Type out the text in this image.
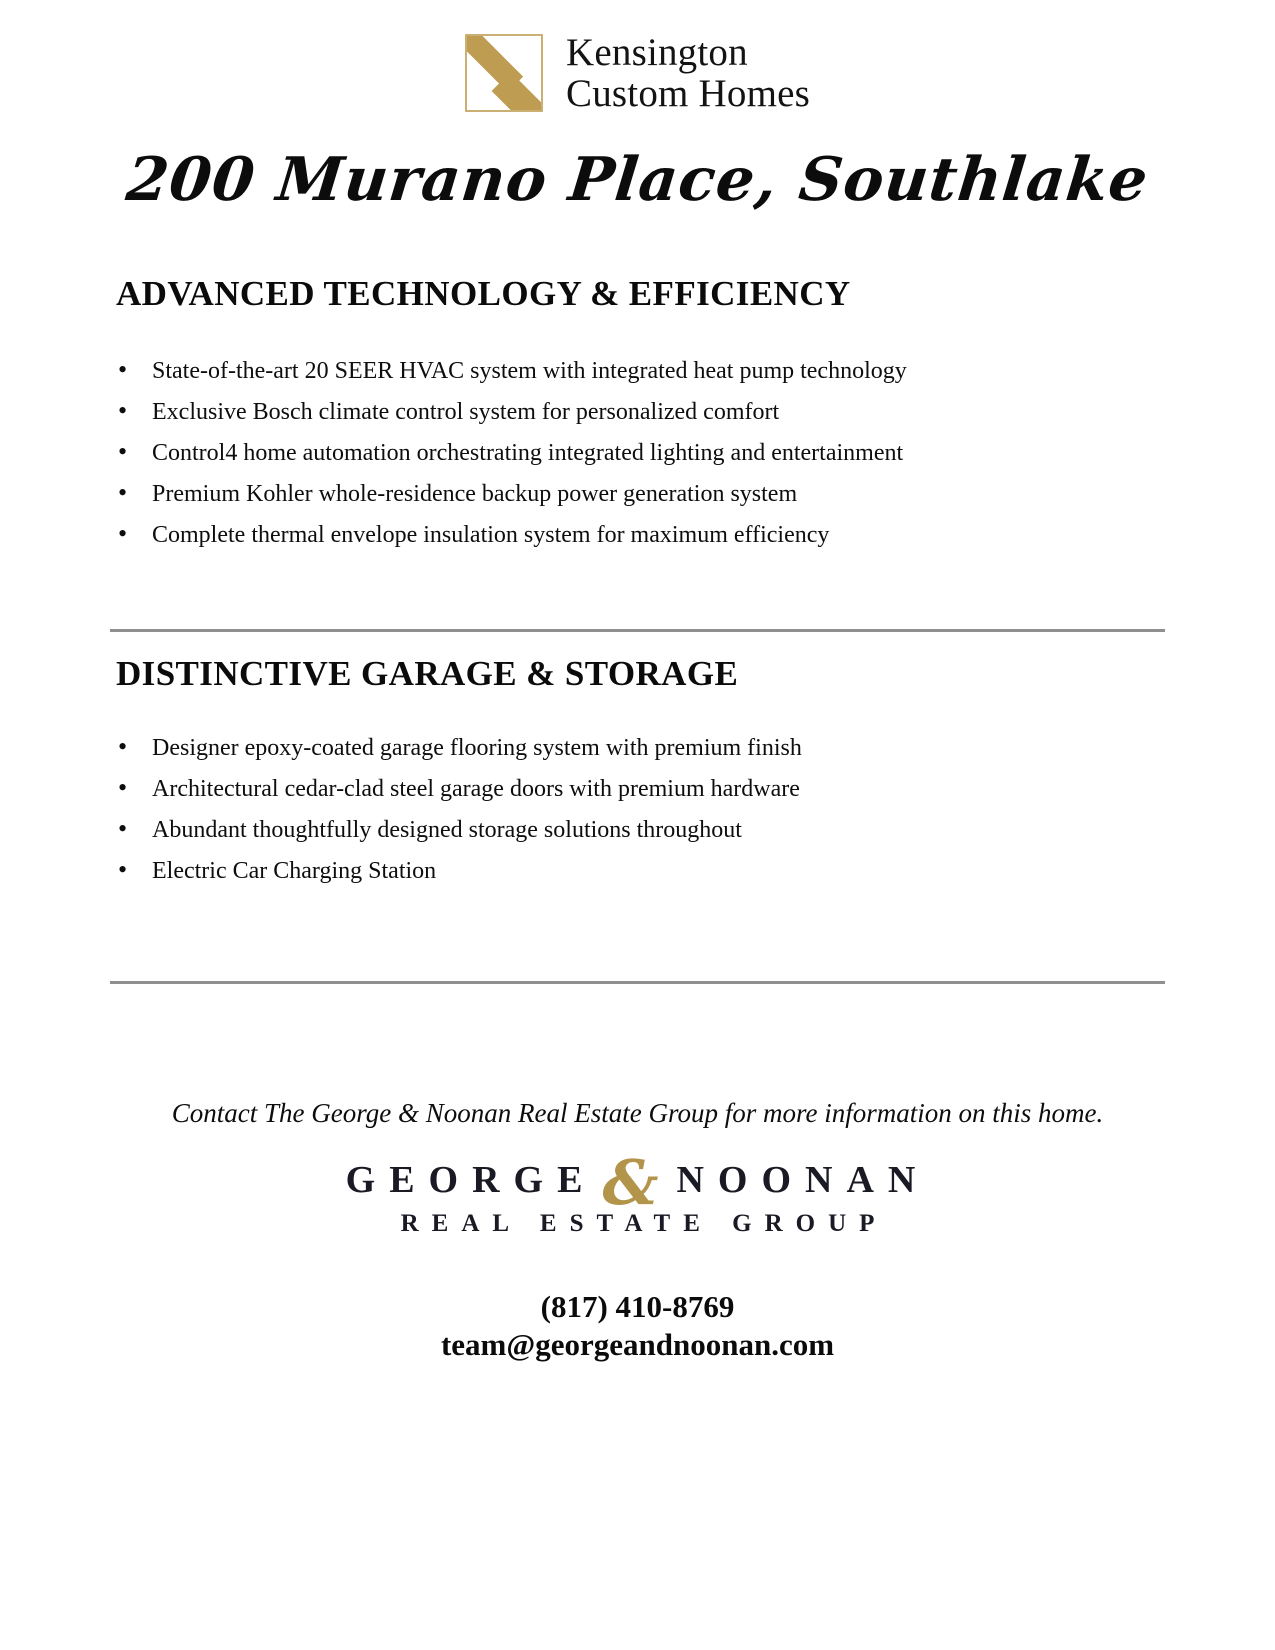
Kensington
Custom Homes
200 Murano Place, Southlake
ADVANCED TECHNOLOGY & EFFICIENCY
• State-of-the-art 20 SEER HVAC system with integrated heat pump technology
• Exclusive Bosch climate control system for personalized comfort
• Control4 home automation orchestrating integrated lighting and entertainment
• Premium Kohler whole-residence backup power generation system
• Complete thermal envelope insulation system for maximum efficiency
DISTINCTIVE GARAGE & STORAGE
• Designer epoxy-coated garage flooring system with premium finish
• Architectural cedar-clad steel garage doors with premium hardware
• Abundant thoughtfully designed storage solutions throughout
• Electric Car Charging Station

Contact The George & Noonan Real Estate Group for more information on this home.

GEORGE& NOONAN
REAL ESTATE GROUP
(817) 410-8769
team@georgeandnoonan.com
